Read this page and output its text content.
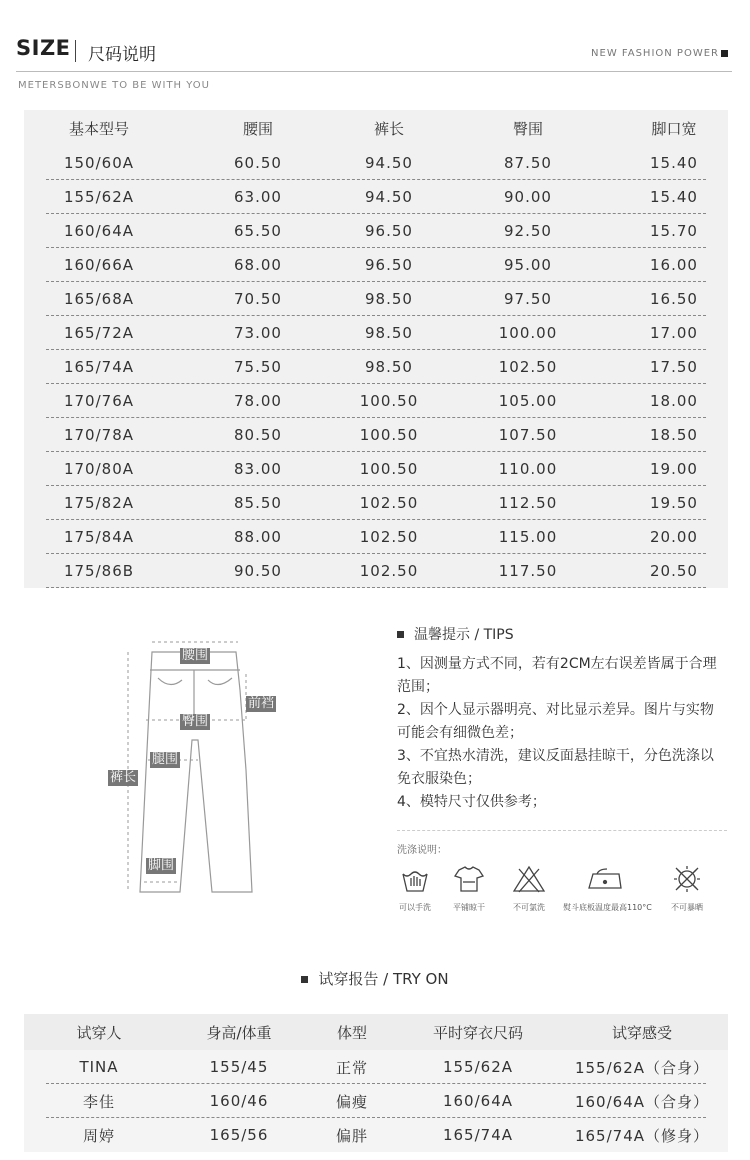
SIZE 尺码说明	NEW FASHION POWER
METERSBONWE TO BE WITH YOU
基本型号	腰围	裤长	臀围	脚口宽
150/60A	60.50	94.50	87.50	15.40
155/62A	63.00	94.50	90.00	15.40
160/64A	65.50	96.50	92.50	15.70
160/66A	68.00	96.50	95.00	16.00
165/68A	70.50	98.50	97.50	16.50
165/72A	73.00	98.50	100.00	17.00
165/74A	75.50	98.50	102.50	17.50
170/76A	78.00	100.50	105.00	18.00
170/78A	80.50	100.50	107.50	18.50
170/80A	83.00	100.50	110.00	19.00
175/82A	85.50	102.50	112.50	19.50
175/84A	88.00	102.50	115.00	20.00
175/86B	90.50	102.50	117.50	20.50
腰围
前裆
臀围
腿围
裤长
脚围
温馨提示 / TIPS
1、因测量方式不同，若有2CM左右误差皆属于合理范围；
2、因个人显示器明亮、对比显示差异。图片与实物可能会有细微色差；
3、不宜热水清洗，建议反面悬挂晾干，分色洗涤以免衣服染色；
4、模特尺寸仅供参考；
洗涤说明：
可以手洗	平铺晾干	不可氯洗 熨斗底板温度最高110°C 不可暴晒
试穿报告 / TRY ON
试穿人	身高/体重	体型	平时穿衣尺码	试穿感受
TINA	155/45	正常	155/62A	155/62A（合身）
李佳	160/46	偏瘦	160/64A	160/64A（合身）
周婷	165/56	偏胖	165/74A	165/74A（修身）
